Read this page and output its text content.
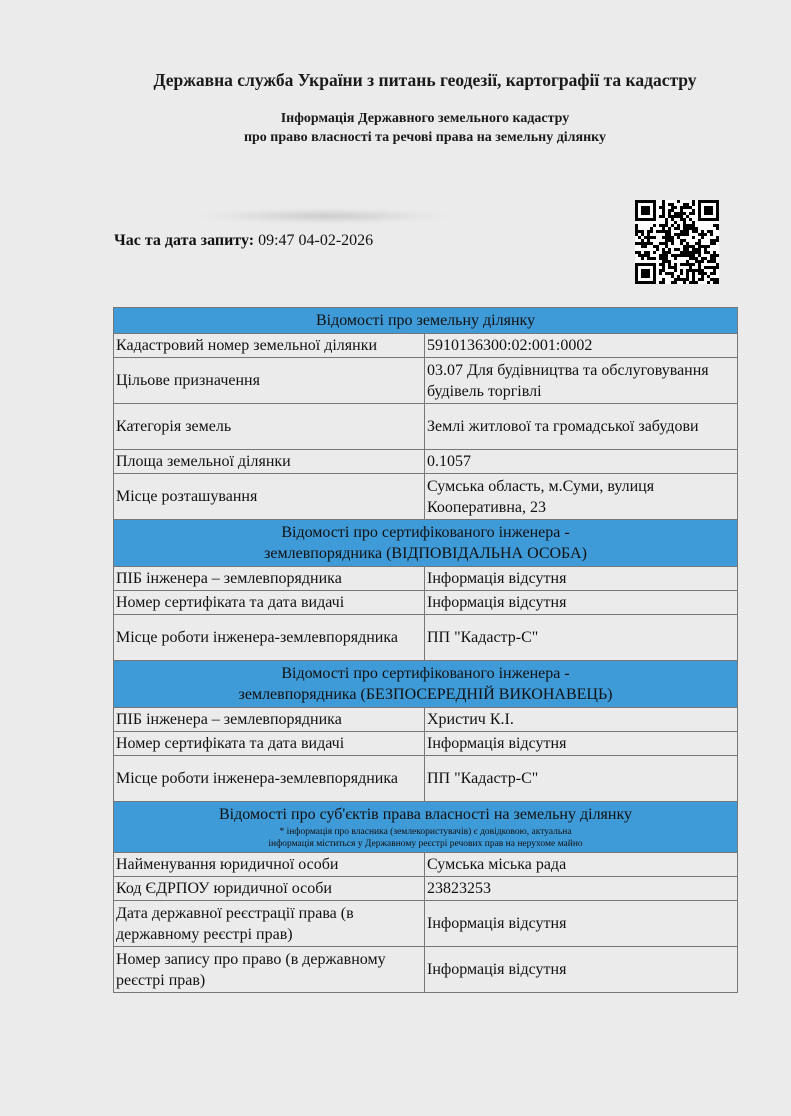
Державна служба України з питань геодезії, картографії та кадастру
Інформація Державного земельного кадастру
про право власності та речові права на земельну ділянку
Час та дата запиту: 09:47 04-02-2026
Відомості про земельну ділянку	
Кадастровий номер земельної ділянки	5910136300:02:001:0002
Цільове призначення	03.07 Для будівництва та обслуговування будівель торгівлі
Категорія земель	Землі житлової та громадської забудови
Площа земельної ділянки	0.1057
Місце розташування	Сумська область, м.Суми, вулиця Кооперативна, 23

Відомості про сертифікованого інженера -
землевпорядника (ВІДПОВІДАЛЬНА ОСОБА)	

ПІБ інженера – землевпорядника	Інформація відсутня
Номер сертифіката та дата видачі	Інформація відсутня
Місце роботи інженера-землевпорядника	ПП "Кадастр-С"

Відомості про сертифікованого інженера -
землевпорядника (БЕЗПОСЕРЕДНІЙ ВИКОНАВЕЦЬ)	

ПІБ інженера – землевпорядника	Христич К.І.
Номер сертифіката та дата видачі	Інформація відсутня
Місце роботи інженера-землевпорядника	ПП "Кадастр-С"

Відомості про суб'єктів права власності на земельну ділянку
* інформація про власника (землекористувачів) є довідковою, актуальна
інформація міститься у Державному реєстрі речових прав на нерухоме майно	

Найменування юридичної особи	Сумська міська рада
Код ЄДРПОУ юридичної особи	23823253
Дата державної реєстрації права (в державному реєстрі прав)	Інформація відсутня
Номер запису про право (в державному реєстрі прав)	Інформація відсутня
